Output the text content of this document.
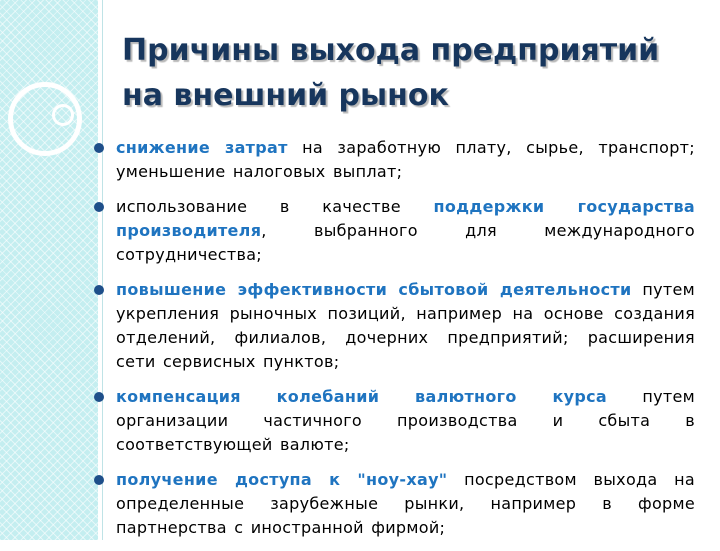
Причины выхода предприятий на внешний рынок
снижение затрат на заработную плату, сырье, транспорт; уменьшение налоговых выплат;
использование в качестве поддержки государства производителя, выбранного для международного сотрудничества;
повышение эффективности сбытовой деятельности путем укрепления рыночных позиций, например на основе создания отделений, филиалов, дочерних предприятий; расширения сети сервисных пунктов;
компенсация колебаний валютного курса путем организации частичного производства и сбыта в соответствующей валюте;
получение доступа к "ноу-хау" посредством выхода на определенные зарубежные рынки, например в форме партнерства с иностранной фирмой;
